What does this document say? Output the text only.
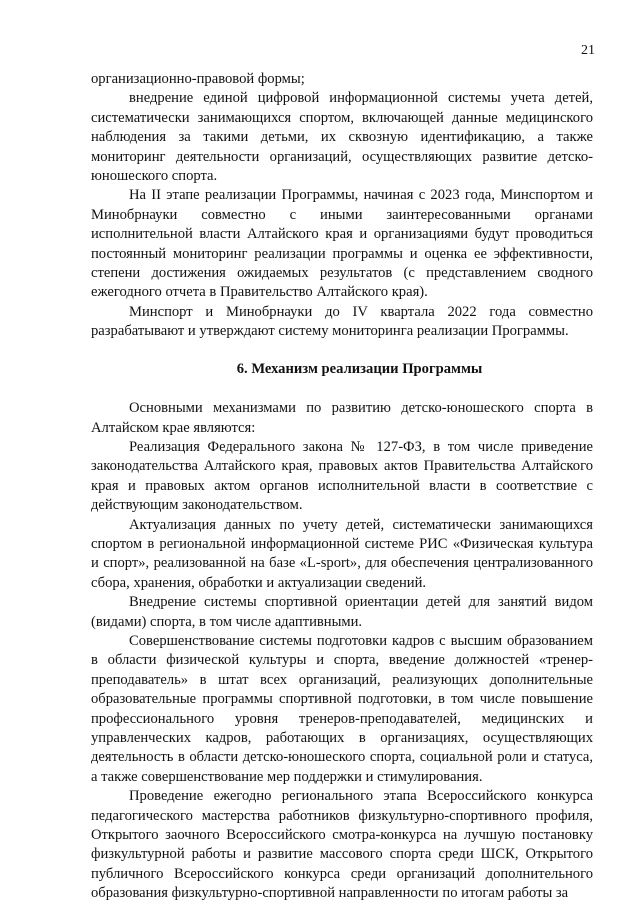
21

организационно-правовой формы;

внедрение единой цифровой информационной системы учета детей, систематически занимающихся спортом, включающей данные медицинского наблюдения за такими детьми, их сквозную идентификацию, а также мониторинг деятельности организаций, осуществляющих развитие детско-юношеского спорта.

На II этапе реализации Программы, начиная с 2023 года, Минспортом и Минобрнауки совместно с иными заинтересованными органами исполнительной власти Алтайского края и организациями будут проводиться постоянный мониторинг реализации программы и оценка ее эффективности, степени достижения ожидаемых результатов (с представлением сводного ежегодного отчета в Правительство Алтайского края).

Минспорт и Минобрнауки до IV квартала 2022 года совместно разрабатывают и утверждают систему мониторинга реализации Программы.

6. Механизм реализации Программы

Основными механизмами по развитию детско-юношеского спорта в Алтайском крае являются:

Реализация Федерального закона № 127-ФЗ, в том числе приведение законодательства Алтайского края, правовых актов Правительства Алтайского края и правовых актом органов исполнительной власти в соответствие с действующим законодательством.

Актуализация данных по учету детей, систематически занимающихся спортом в региональной информационной системе РИС «Физическая культура и спорт», реализованной на базе «L-sport», для обеспечения централизованного сбора, хранения, обработки и актуализации сведений.

Внедрение системы спортивной ориентации детей для занятий видом (видами) спорта, в том числе адаптивными.

Совершенствование системы подготовки кадров с высшим образованием в области физической культуры и спорта, введение должностей «тренер-преподаватель» в штат всех организаций, реализующих дополнительные образовательные программы спортивной подготовки, в том числе повышение профессионального уровня тренеров-преподавателей, медицинских и управленческих кадров, работающих в организациях, осуществляющих деятельность в области детско-юношеского спорта, социальной роли и статуса, а также совершенствование мер поддержки и стимулирования.

Проведение ежегодно регионального этапа Всероссийского конкурса педагогического мастерства работников физкультурно-спортивного профиля, Открытого заочного Всероссийского смотра-конкурса на лучшую постановку физкультурной работы и развитие массового спорта среди ШСК, Открытого публичного Всероссийского конкурса среди организаций дополнительного образования физкультурно-спортивной направленности по итогам работы за
